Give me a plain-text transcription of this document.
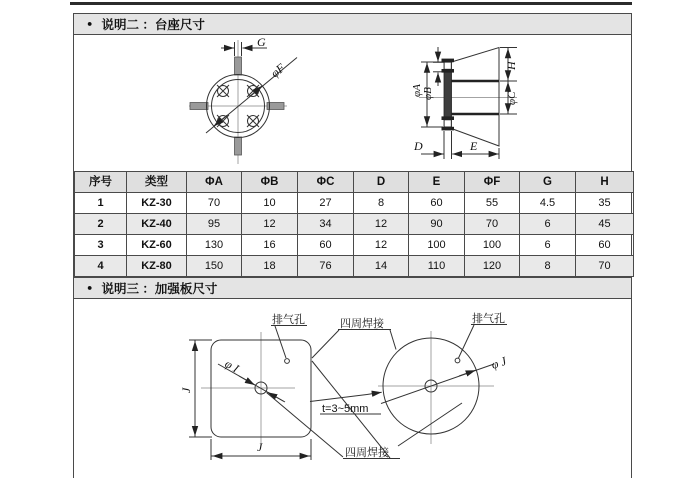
● 说明二 ：台座尺寸
G
φF
φA φB
H
φC
D	E
序号	类型	ΦA	ΦB	ΦC	D	E	ΦF	G	H
1	KZ-30	70	10	27	8	60	55	4.5	35
2	KZ-40	95	12	34	12	90	70	6	45
3	KZ-60	130	16	60	12	100	100	6	60
4	KZ-80	150	18	76	14	110	120	8	70
● 说明三 ：加强板尺寸
φ I
J
J
排气孔
φ J
排气孔
四周焊接
四周焊接
t=3~5mm
